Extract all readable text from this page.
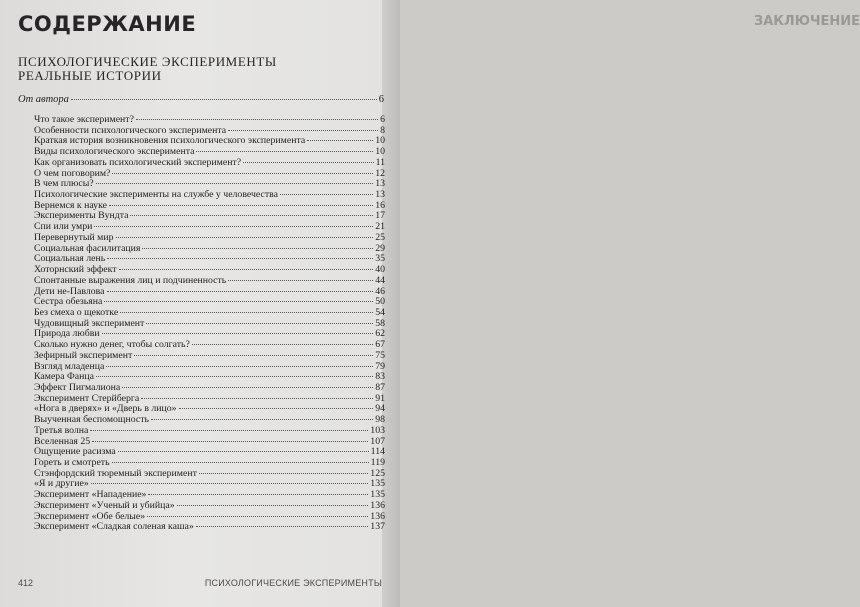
ЗАКЛЮЧЕНИЕ
СОДЕРЖАНИЕ
ПСИХОЛОГИЧЕСКИЕ ЭКСПЕРИМЕНТЫ РЕАЛЬНЫЕ ИСТОРИИ
От автора	6
Что такое эксперимент?	6
Особенности психологического эксперимента	8
Краткая история возникновения психологического эксперимента	10
Виды психологического эксперимента	10
Как организовать психологический эксперимент?	11
О чем поговорим?	12
В чем плюсы?	13
Психологические эксперименты на службе у человечества	13
Вернемся к науке	16
Эксперименты Вундта	17
Спи или умри	21
Перевернутый мир	25
Социальная фасилитация	29
Социальная лень	35
Хоторнский эффект	40
Спонтанные выражения лиц и подчиненность	44
Дети не-Павлова	46
Сестра обезьяна	50
Без смеха о щекотке	54
Чудовищный эксперимент	58
Природа любви	62
Сколько нужно денег, чтобы солгать?	67
Зефирный эксперимент	75
Взгляд младенца	79
Камера Фанца	83
Эффект Пигмалиона	87
Эксперимент Стерйберга	91
«Нога в дверях» и «Дверь в лицо»	94
Выученная беспомощность	98
Третья волна	103
Вселенная 25	107
Ощущение расизма	114
Гореть и смотреть	119
Стэнфордский тюремный эксперимент	125
«Я и другие»	135
Эксперимент «Нападение»	135
Эксперимент «Ученый и убийца»	136
Эксперимент «Обе белые»	136
Эксперимент «Сладкая соленая каша»	137
412	ПСИХОЛОГИЧЕСКИЕ ЭКСПЕРИМЕНТЫ
